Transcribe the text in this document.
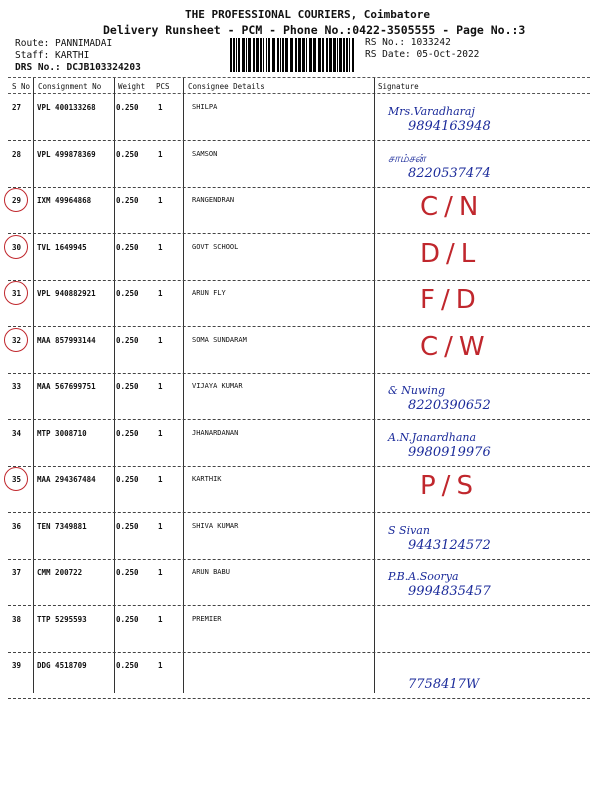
THE PROFESSIONAL COURIERS, Coimbatore
Delivery Runsheet - PCM - Phone No.:0422-3505555 - Page No.:3
Route: PANNIMADAI
Staff: KARTHI
DRS No.: DCJB103324203
RS No.: 1033242
RS Date: 05-Oct-2022
S No Consignment No Weight PCS Consignee Details	Signature
27 VPL 400133268	0.250	1	SHILPA	Mrs.Varadharaj
9894163948
28 VPL 499878369	0.250	1	SAMSON	சாம்சன்
8220537474
29 IXM 49964868	0.250	1	RANGENDRAN	C/N
30 TVL 1649945	0.250	1	GOVT SCHOOL	D/L
31 VPL 940882921	0.250	1	ARUN FLY	F/D
32 MAA 857993144	0.250	1	SOMA SUNDARAM	C/W
33 MAA 567699751	0.250	1	VIJAYA KUMAR	& Nuwing
8220390652
34 MTP 3008710	0.250	1	JHANARDANAN	A.N.Janardhana
9980919976
35 MAA 294367484	0.250	1	KARTHIK	P/S
36 TEN 7349881	0.250	1	SHIVA KUMAR	S Sivan
9443124572
37 CMM 200722	0.250	1	ARUN BABU	P.B.A.Soorya
9994835457
38 TTP 5295593	0.250	1	PREMIER
39 DDG 4518709	0.250	1
7758417W
